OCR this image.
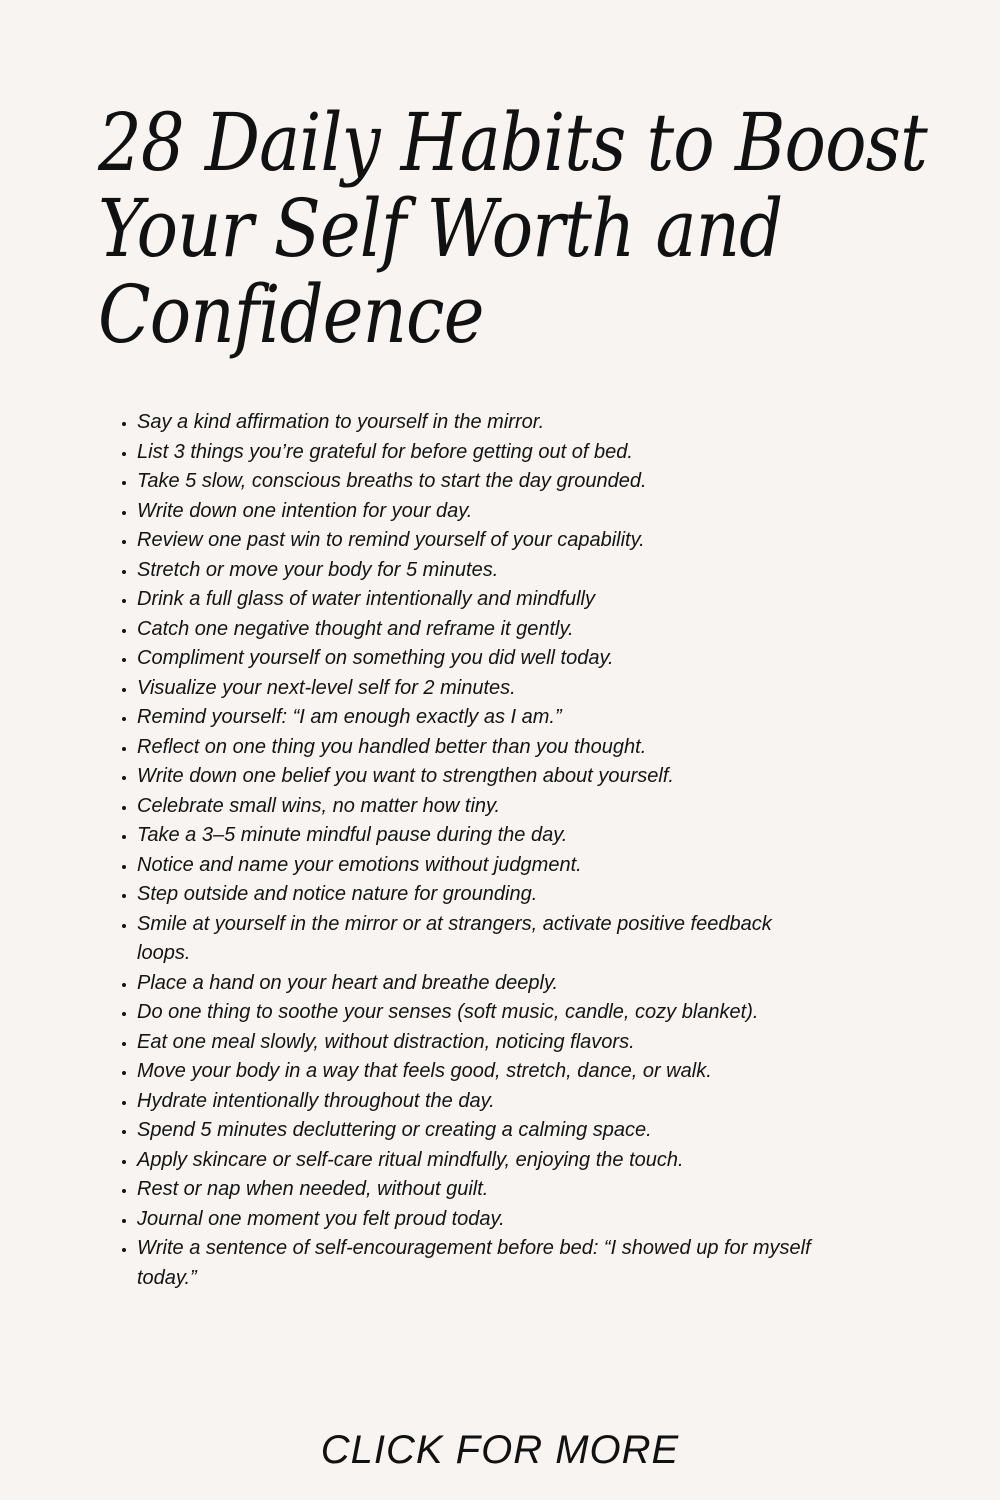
28 Daily Habits to Boost
Your Self Worth and
Confidence
• Say a kind affirmation to yourself in the mirror.
• List 3 things you’re grateful for before getting out of bed.
• Take 5 slow, conscious breaths to start the day grounded.
• Write down one intention for your day.
• Review one past win to remind yourself of your capability.
• Stretch or move your body for 5 minutes.
• Drink a full glass of water intentionally and mindfully
• Catch one negative thought and reframe it gently.
• Compliment yourself on something you did well today.
• Visualize your next-level self for 2 minutes.
• Remind yourself: “I am enough exactly as I am.”
• Reflect on one thing you handled better than you thought.
• Write down one belief you want to strengthen about yourself.
• Celebrate small wins, no matter how tiny.
• Take a 3–5 minute mindful pause during the day.
• Notice and name your emotions without judgment.
• Step outside and notice nature for grounding.
• Smile at yourself in the mirror or at strangers, activate positive feedback loops.
• Place a hand on your heart and breathe deeply.
• Do one thing to soothe your senses (soft music, candle, cozy blanket).
• Eat one meal slowly, without distraction, noticing flavors.
• Move your body in a way that feels good, stretch, dance, or walk.
• Hydrate intentionally throughout the day.
• Spend 5 minutes decluttering or creating a calming space.
• Apply skincare or self-care ritual mindfully, enjoying the touch.
• Rest or nap when needed, without guilt.
• Journal one moment you felt proud today.
• Write a sentence of self-encouragement before bed: “I showed up for myself today.”
CLICK FOR MORE
